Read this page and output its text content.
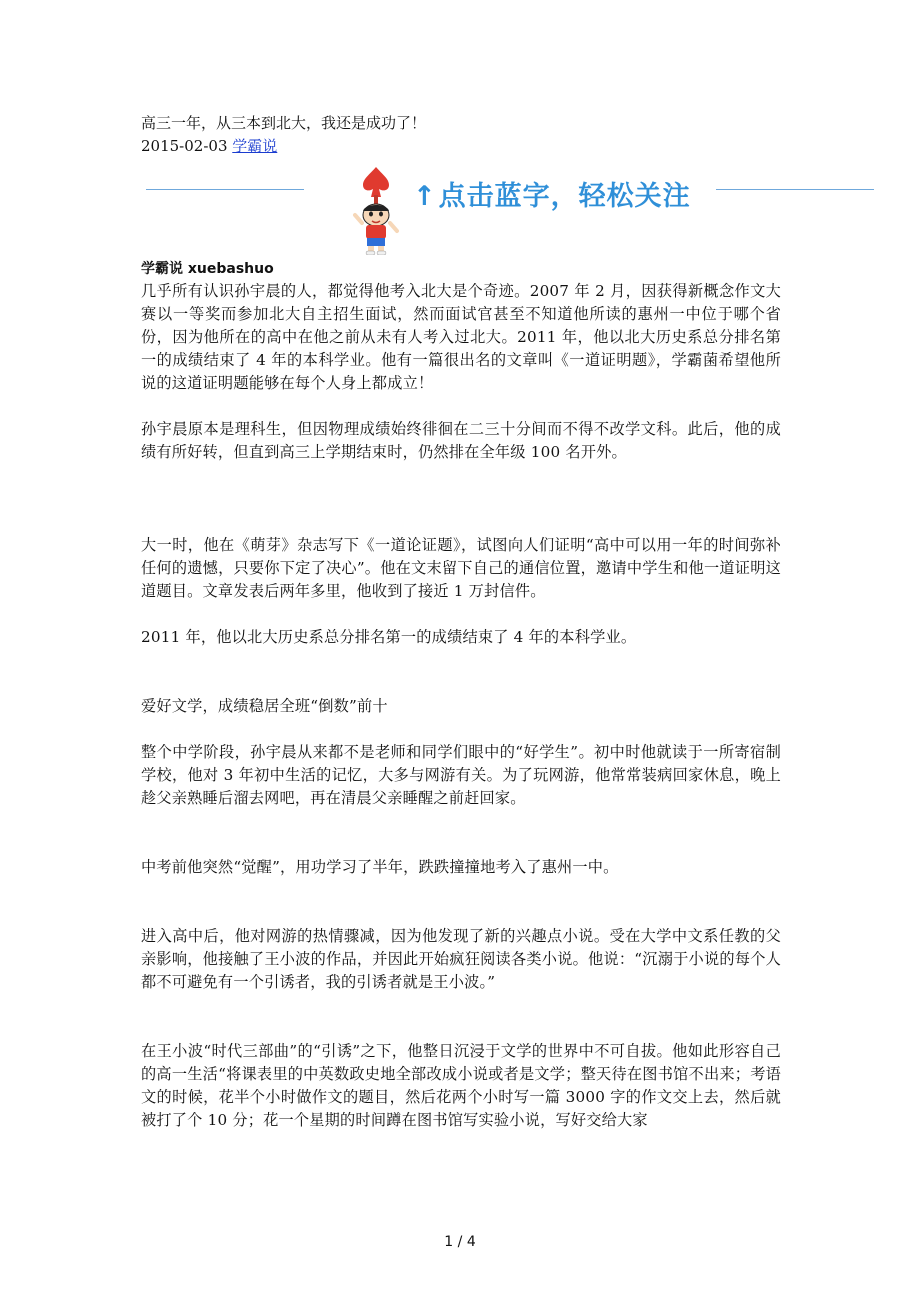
高三一年，从三本到北大，我还是成功了！

2015-02-03 学霸说

↑点击蓝字，轻松关注

学霸说 xuebashuo

几乎所有认识孙宇晨的人，都觉得他考入北大是个奇迹。2007 年 2 月，因获得新概念作文大赛以一等奖而参加北大自主招生面试，然而面试官甚至不知道他所读的惠州一中位于哪个省份，因为他所在的高中在他之前从未有人考入过北大。2011 年，他以北大历史系总分排名第一的成绩结束了 4 年的本科学业。他有一篇很出名的文章叫《一道证明题》，学霸菌希望他所说的这道证明题能够在每个人身上都成立！

孙宇晨原本是理科生，但因物理成绩始终徘徊在二三十分间而不得不改学文科。此后，他的成绩有所好转，但直到高三上学期结束时，仍然排在全年级 100 名开外。

大一时，他在《萌芽》杂志写下《一道论证题》，试图向人们证明“高中可以用一年的时间弥补任何的遗憾，只要你下定了决心”。他在文末留下自己的通信位置，邀请中学生和他一道证明这道题目。文章发表后两年多里，他收到了接近 1 万封信件。

2011 年，他以北大历史系总分排名第一的成绩结束了 4 年的本科学业。

爱好文学，成绩稳居全班“倒数”前十

整个中学阶段，孙宇晨从来都不是老师和同学们眼中的“好学生”。初中时他就读于一所寄宿制学校，他对 3 年初中生活的记忆，大多与网游有关。为了玩网游，他常常装病回家休息，晚上趁父亲熟睡后溜去网吧，再在清晨父亲睡醒之前赶回家。

中考前他突然“觉醒”，用功学习了半年，跌跌撞撞地考入了惠州一中。

进入高中后，他对网游的热情骤减，因为他发现了新的兴趣点小说。受在大学中文系任教的父亲影响，他接触了王小波的作品，并因此开始疯狂阅读各类小说。他说：“沉溺于小说的每个人都不可避免有一个引诱者，我的引诱者就是王小波。”

在王小波“时代三部曲”的“引诱”之下，他整日沉浸于文学的世界中不可自拔。他如此形容自己的高一生活“将课表里的中英数政史地全部改成小说或者是文学；整天待在图书馆不出来；考语文的时候，花半个小时做作文的题目，然后花两个小时写一篇 3000 字的作文交上去，然后就被打了个 10 分；花一个星期的时间蹲在图书馆写实验小说，写好交给大家

1 / 4
